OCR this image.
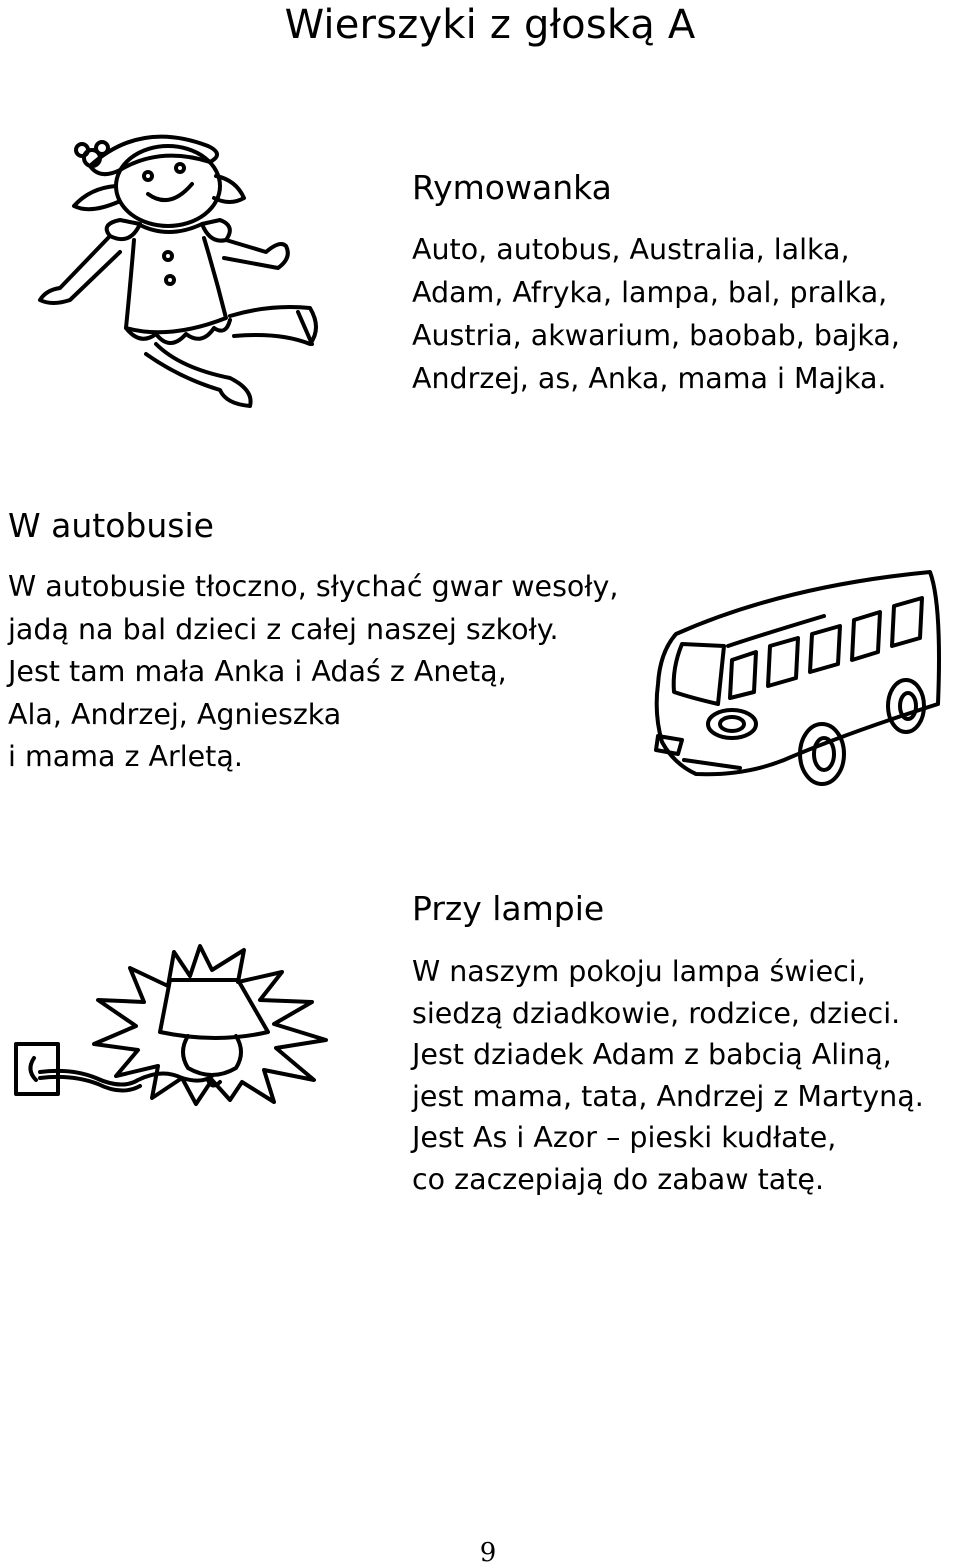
Wierszyki z głoską A
Rymowanka
Auto, autobus, Australia, lalka,
Adam, Afryka, lampa, bal, pralka,
Austria, akwarium, baobab, bajka,
Andrzej, as, Anka, mama i Majka.
W autobusie
W autobusie tłoczno, słychać gwar wesoły,
jadą na bal dzieci z całej naszej szkoły.
Jest tam mała Anka i Adaś z Anetą,
Ala, Andrzej, Agnieszka
i mama z Arletą.
Przy lampie
W naszym pokoju lampa świeci,
siedzą dziadkowie, rodzice, dzieci.
Jest dziadek Adam z babcią Aliną,
jest mama, tata, Andrzej z Martyną.
Jest As i Azor – pieski kudłate,
co zaczepiają do zabaw tatę.
9
